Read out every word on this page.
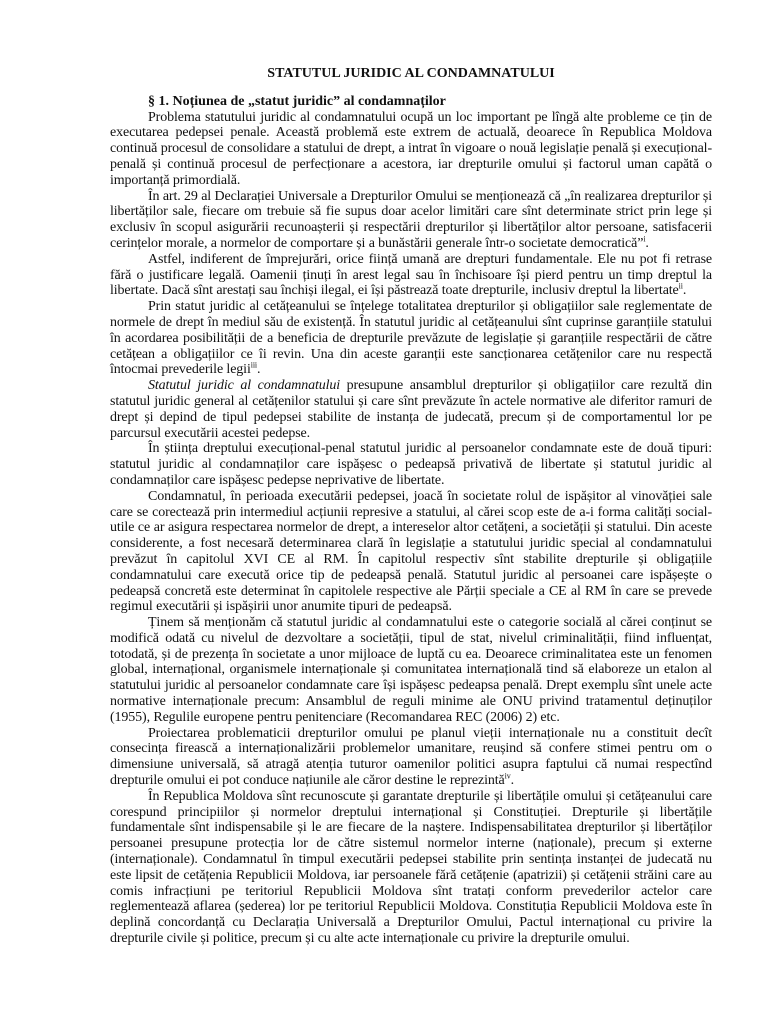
STATUTUL JURIDIC AL CONDAMNATULUI
§ 1. Noțiunea de „statut juridic” al condamnaților

Problema statutului juridic al condamnatului ocupă un loc important pe lîngă alte probleme ce țin de executarea pedepsei penale. Această problemă este extrem de actuală, deoarece în Republica Moldova continuă procesul de consolidare a statului de drept, a intrat în vigoare o nouă legislație penală și execuțional- penală și continuă procesul de perfecționare a acestora, iar drepturile omului și factorul uman capătă o importanță primordială.

În art. 29 al Declarației Universale a Drepturilor Omului se menționează că „în realizarea drepturilor și libertăților sale, fiecare om trebuie să fie supus doar acelor limitări care sînt determinate strict prin lege și exclusiv în scopul asigurării recunoașterii și respectării drepturilor și libertăților altor persoane, satisfacerii cerințelor morale, a normelor de comportare și a bunăstării generale într-o societate democratică”$^i$.

Astfel, indiferent de împrejurări, orice ființă umană are drepturi fundamentale. Ele nu pot fi retrase fără o justificare legală. Oamenii ținuți în arest legal sau în închisoare își pierd pentru un timp dreptul la libertate. Dacă sînt arestați sau închiși ilegal, ei își păstrează toate drepturile, inclusiv dreptul la libertate$^{ii}$.

Prin statut juridic al cetățeanului se înțelege totalitatea drepturilor și obligațiilor sale reglementate de normele de drept în mediul său de existență. În statutul juridic al cetățeanului sînt cuprinse garanțiile statului în acordarea posibilității de a beneficia de drepturile prevăzute de legislație și garanțiile respectării de către cetățean a obligațiilor ce îi revin. Una din aceste garanții este sancționarea cetățenilor care nu respectă întocmai prevederile legii$^{iii}$.

Statutul juridic al condamnatului presupune ansamblul drepturilor și obligațiilor care rezultă din statutul juridic general al cetățenilor statului și care sînt prevăzute în actele normative ale diferitor ramuri de drept și depind de tipul pedepsei stabilite de instanța de judecată, precum și de comportamentul lor pe parcursul executării acestei pedepse.

În știința dreptului execuțional-penal statutul juridic al persoanelor condamnate este de două tipuri: statutul juridic al condamnaților care ispășesc o pedeapsă privativă de libertate și statutul juridic al condamnaților care ispășesc pedepse neprivative de libertate.

Condamnatul, în perioada executării pedepsei, joacă în societate rolul de ispășitor al vinovăției sale care se corectează prin intermediul acțiunii represive a statului, al cărei scop este de a-i forma calități social-utile ce ar asigura respectarea normelor de drept, a intereselor altor cetățeni, a societății și statului. Din aceste considerente, a fost necesară determinarea clară în legislație a statutului juridic special al condamnatului prevăzut în capitolul XVI CE al RM. În capitolul respectiv sînt stabilite drepturile și obligațiile condamnatului care execută orice tip de pedeapsă penală. Statutul juridic al persoanei care ispășește o pedeapsă concretă este determinat în capitolele respective ale Părții speciale a CE al RM în care se prevede regimul executării și ispășirii unor anumite tipuri de pedeapsă.

Ținem să menționăm că statutul juridic al condamnatului este o categorie socială al cărei conținut se modifică odată cu nivelul de dezvoltare a societății, tipul de stat, nivelul criminalității, fiind influențat, totodată, și de prezența în societate a unor mijloace de luptă cu ea. Deoarece criminalitatea este un fenomen global, internațional, organismele internaționale și comunitatea internațională tind să elaboreze un etalon al statutului juridic al persoanelor condamnate care își ispășesc pedeapsa penală. Drept exemplu sînt unele acte normative internaționale precum: Ansamblul de reguli minime ale ONU privind tratamentul deținuților (1955), Regulile europene pentru penitenciare (Recomandarea REC (2006) 2) etc.

Proiectarea problematicii drepturilor omului pe planul vieții internaționale nu a constituit decît consecința firească a internaționalizării problemelor umanitare, reușind să confere stimei pentru om o dimensiune universală, să atragă atenția tuturor oamenilor politici asupra faptului că numai respectînd drepturile omului ei pot conduce națiunile ale căror destine le reprezintă$^{iv}$.

În Republica Moldova sînt recunoscute și garantate drepturile și libertățile omului și cetățeanului care corespund principiilor și normelor dreptului internațional și Constituției. Drepturile și libertățile fundamentale sînt indispensabile și le are fiecare de la naștere. Indispensabilitatea drepturilor și libertăților persoanei presupune protecția lor de către sistemul normelor interne (naționale), precum și externe (internaționale). Condamnatul în timpul executării pedepsei stabilite prin sentința instanței de judecată nu este lipsit de cetățenia Republicii Moldova, iar persoanele fără cetățenie (apatrizii) și cetățenii străini care au comis infracțiuni pe teritoriul Republicii Moldova sînt tratați conform prevederilor actelor care reglementează aflarea (șederea) lor pe teritoriul Republicii Moldova. Constituția Republicii Moldova este în deplină concordanță cu Declarația Universală a Drepturilor Omului, Pactul internațional cu privire la drepturile civile și politice, precum și cu alte acte internaționale cu privire la drepturile omului.
